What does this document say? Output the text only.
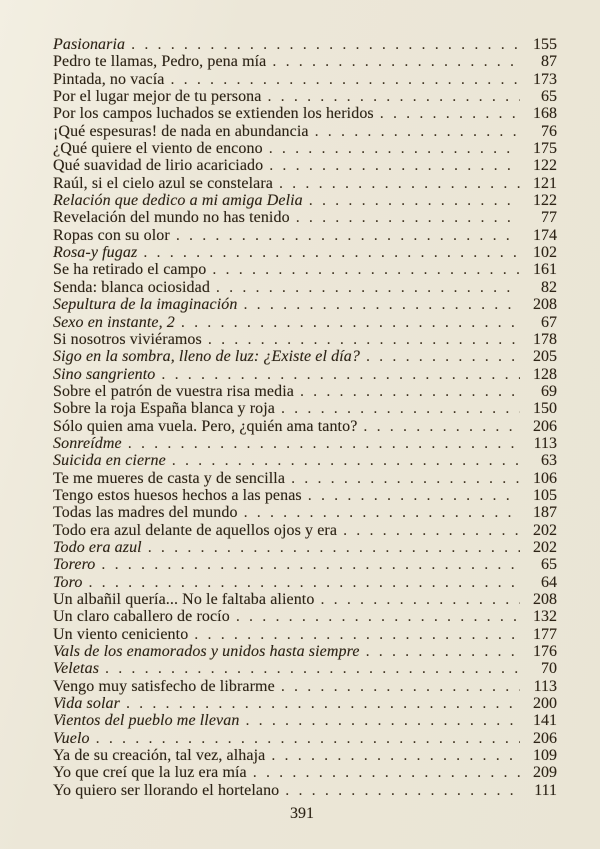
Pasionaria . . .	155
Pedro te llamas, Pedro, pena mía . . .	87
Pintada, no vacía . . .	173
Por el lugar mejor de tu persona . . .	65
Por los campos luchados se extienden los heridos . . .	168
¡Qué espesuras! de nada en abundancia . . .	76
¿Qué quiere el viento de encono . . .	175
Qué suavidad de lirio acariciado . . .	122
Raúl, si el cielo azul se constelara . . .	121
Relación que dedico a mi amiga Delia . . .	122
Revelación del mundo no has tenido . . .	77
Ropas con su olor . . .	174
Rosa-y fugaz . . .	102
Se ha retirado el campo . . .	161
Senda: blanca ociosidad . . .	82
Sepultura de la imaginación . . .	208
Sexo en instante, 2 . . .	67
Si nosotros viviéramos . . .	178
Sigo en la sombra, lleno de luz: ¿Existe el día? . . .	205
Sino sangriento . . .	128
Sobre el patrón de vuestra risa media . . .	69
Sobre la roja España blanca y roja . . .	150
Sólo quien ama vuela. Pero, ¿quién ama tanto? . . .	206
Sonreídme . . .	113
Suicida en cierne . . .	63
Te me mueres de casta y de sencilla . . .	106
Tengo estos huesos hechos a las penas . . .	105
Todas las madres del mundo . . .	187
Todo era azul delante de aquellos ojos y era . . .	202
Todo era azul . . .	202
Torero . . .	65
Toro . . .	64
Un albañil quería... No le faltaba aliento . . .	208
Un claro caballero de rocío . . .	132
Un viento ceniciento . . .	177
Vals de los enamorados y unidos hasta siempre . . .	176
Veletas . . .	70
Vengo muy satisfecho de librarme . . .	113
Vida solar . . .	200
Vientos del pueblo me llevan . . .	141
Vuelo . . .	206
Ya de su creación, tal vez, alhaja . . .	109
Yo que creí que la luz era mía . . .	209
Yo quiero ser llorando el hortelano . . .	111
391
